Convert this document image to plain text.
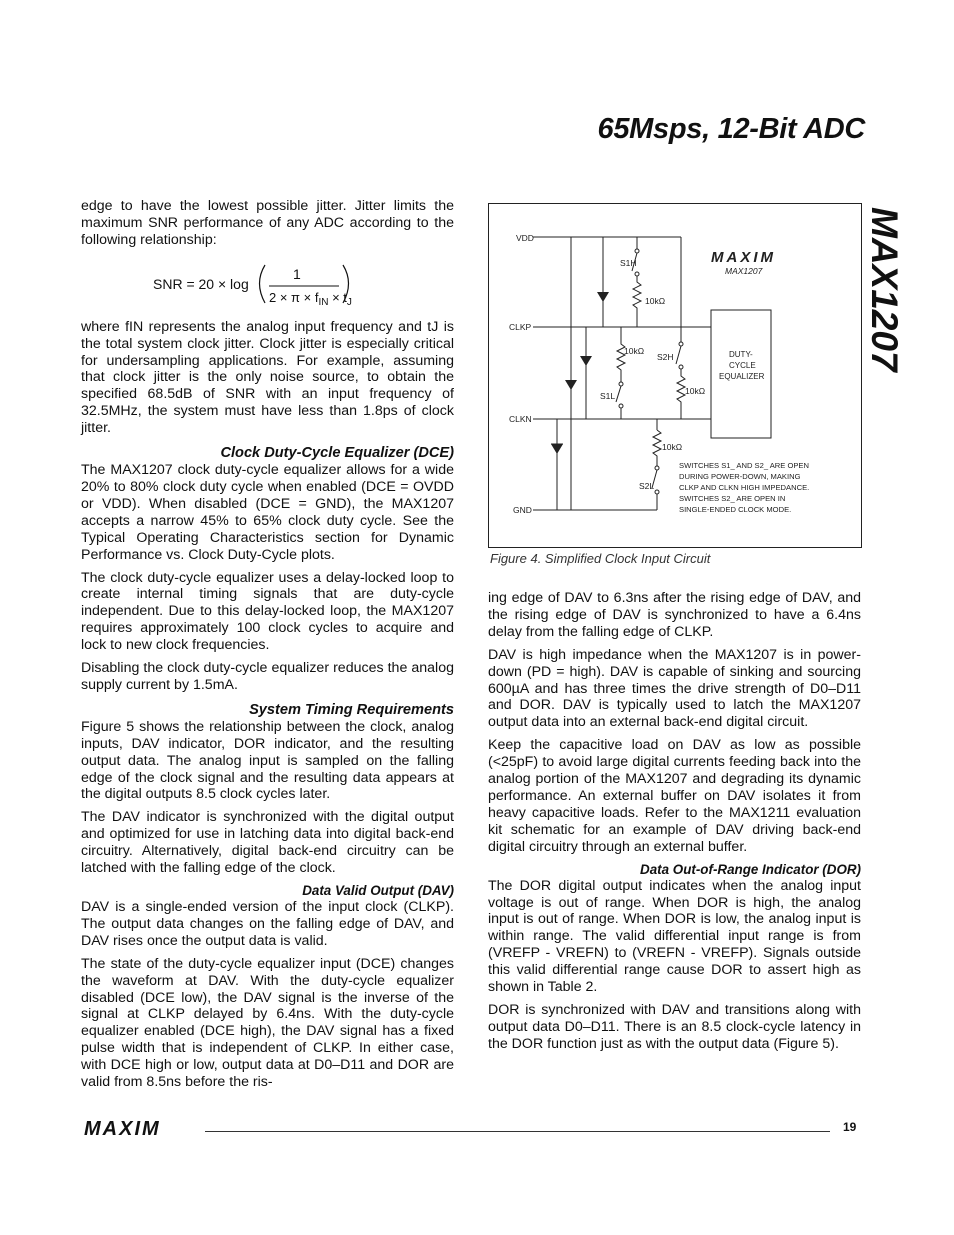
65Msps, 12-Bit ADC
MAX1207

edge to have the lowest possible jitter. Jitter limits the maximum SNR performance of any ADC according to the following relationship:

SNR = 20 × log
1
$2 \times \pi \times f_{IN} \times t_J$

where fIN represents the analog input frequency and tJ is the total system clock jitter. Clock jitter is especially critical for undersampling applications. For example, assuming that clock jitter is the only noise source, to obtain the specified 68.5dB of SNR with an input frequency of 32.5MHz, the system must have less than 1.8ps of clock jitter.

Clock Duty-Cycle Equalizer (DCE)

The MAX1207 clock duty-cycle equalizer allows for a wide 20% to 80% clock duty cycle when enabled (DCE = OVDD or VDD). When disabled (DCE = GND), the MAX1207 accepts a narrow 45% to 65% clock duty cycle. See the Typical Operating Characteristics section for Dynamic Performance vs. Clock Duty-Cycle plots.

The clock duty-cycle equalizer uses a delay-locked loop to create internal timing signals that are duty-cycle independent. Due to this delay-locked loop, the MAX1207 requires approximately 100 clock cycles to acquire and lock to new clock frequencies.

Disabling the clock duty-cycle equalizer reduces the analog supply current by 1.5mA.

System Timing Requirements

Figure 5 shows the relationship between the clock, analog inputs, DAV indicator, DOR indicator, and the resulting output data. The analog input is sampled on the falling edge of the clock signal and the resulting data appears at the digital outputs 8.5 clock cycles later.

The DAV indicator is synchronized with the digital output and optimized for use in latching data into digital back-end circuitry. Alternatively, digital back-end circuitry can be latched with the falling edge of the clock.

Data Valid Output (DAV)

DAV is a single-ended version of the input clock (CLKP). The output data changes on the falling edge of DAV, and DAV rises once the output data is valid.

The state of the duty-cycle equalizer input (DCE) changes the waveform at DAV. With the duty-cycle equalizer disabled (DCE low), the DAV signal is the inverse of the signal at CLKP delayed by 6.4ns. With the duty-cycle equalizer enabled (DCE high), the DAV signal has a fixed pulse width that is independent of CLKP. In either case, with DCE high or low, output data at D0–D11 and DOR are valid from 8.5ns before the ris-

VDD
CLKP
CLKN
GND
S1H
10kΩ
10kΩ
S1L
S2H
10kΩ
10kΩ
S2L
DUTY-
CYCLE
EQUALIZER
MAXIM
MAX1207
SWITCHES S1_ AND S2_ ARE OPEN
DURING POWER-DOWN, MAKING
CLKP AND CLKN HIGH IMPEDANCE.
SWITCHES S2_ ARE OPEN IN
SINGLE-ENDED CLOCK MODE.
Figure 4. Simplified Clock Input Circuit

ing edge of DAV to 6.3ns after the rising edge of DAV, and the rising edge of DAV is synchronized to have a 6.4ns delay from the falling edge of CLKP.

DAV is high impedance when the MAX1207 is in power-down (PD = high). DAV is capable of sinking and sourcing 600µA and has three times the drive strength of D0–D11 and DOR. DAV is typically used to latch the MAX1207 output data into an external back-end digital circuit.

Keep the capacitive load on DAV as low as possible (<25pF) to avoid large digital currents feeding back into the analog portion of the MAX1207 and degrading its dynamic performance. An external buffer on DAV isolates it from heavy capacitive loads. Refer to the MAX1211 evaluation kit schematic for an example of DAV driving back-end digital circuitry through an external buffer.

Data Out-of-Range Indicator (DOR)

The DOR digital output indicates when the analog input voltage is out of range. When DOR is high, the analog input is out of range. When DOR is low, the analog input is within range. The valid differential input range is from (VREFP - VREFN) to (VREFN - VREFP). Signals outside this valid differential range cause DOR to assert high as shown in Table 2.

DOR is synchronized with DAV and transitions along with output data D0–D11. There is an 8.5 clock-cycle latency in the DOR function just as with the output data (Figure 5).

MAXIM	19
